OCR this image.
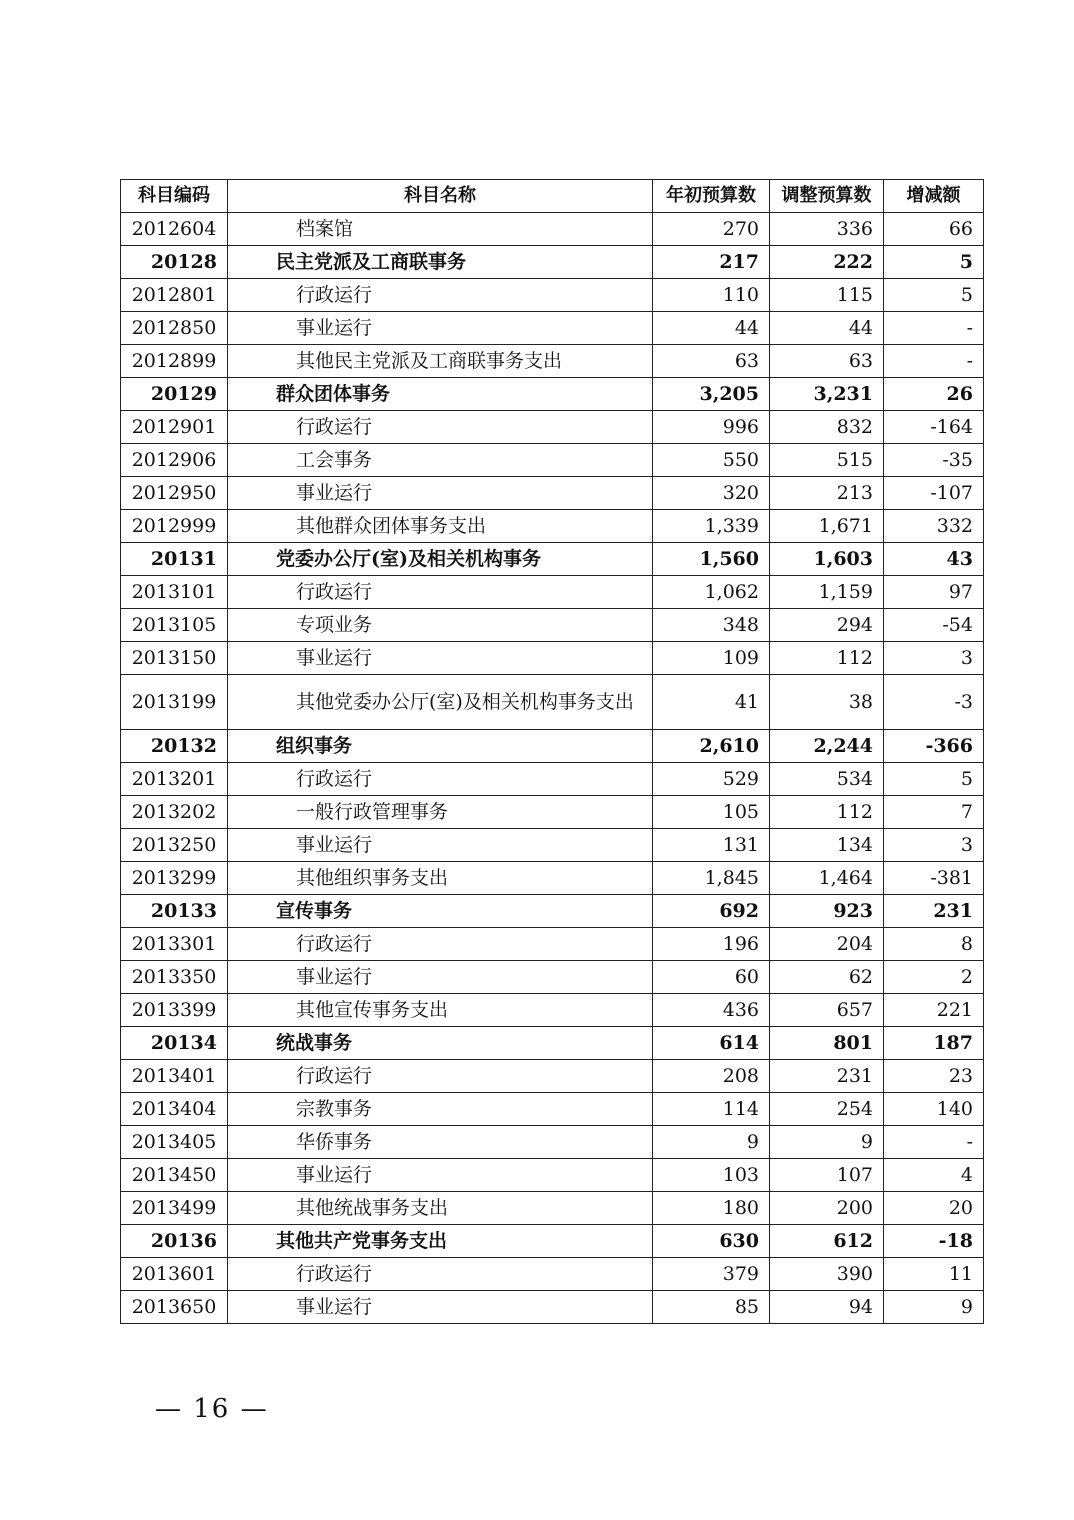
科目编码	科目名称	年初预算数	调整预算数	增减额
2012604	档案馆	270	336	66
20128	民主党派及工商联事务	217	222	5
2012801	行政运行	110	115	5
2012850	事业运行	44	44	-
2012899	其他民主党派及工商联事务支出	63	63	-
20129	群众团体事务	3,205	3,231	26
2012901	行政运行	996	832	-164
2012906	工会事务	550	515	-35
2012950	事业运行	320	213	-107
2012999	其他群众团体事务支出	1,339	1,671	332
20131	党委办公厅(室)及相关机构事务	1,560	1,603	43
2013101	行政运行	1,062	1,159	97
2013105	专项业务	348	294	-54
2013150	事业运行	109	112	3
2013199	其他党委办公厅(室)及相关机构事务支出	41	38	-3
20132	组织事务	2,610	2,244	-366
2013201	行政运行	529	534	5
2013202	一般行政管理事务	105	112	7
2013250	事业运行	131	134	3
2013299	其他组织事务支出	1,845	1,464	-381
20133	宣传事务	692	923	231
2013301	行政运行	196	204	8
2013350	事业运行	60	62	2
2013399	其他宣传事务支出	436	657	221
20134	统战事务	614	801	187
2013401	行政运行	208	231	23
2013404	宗教事务	114	254	140
2013405	华侨事务	9	9	-
2013450	事业运行	103	107	4
2013499	其他统战事务支出	180	200	20
20136	其他共产党事务支出	630	612	-18
2013601	行政运行	379	390	11
2013650	事业运行	85	94	9
— 16 —
